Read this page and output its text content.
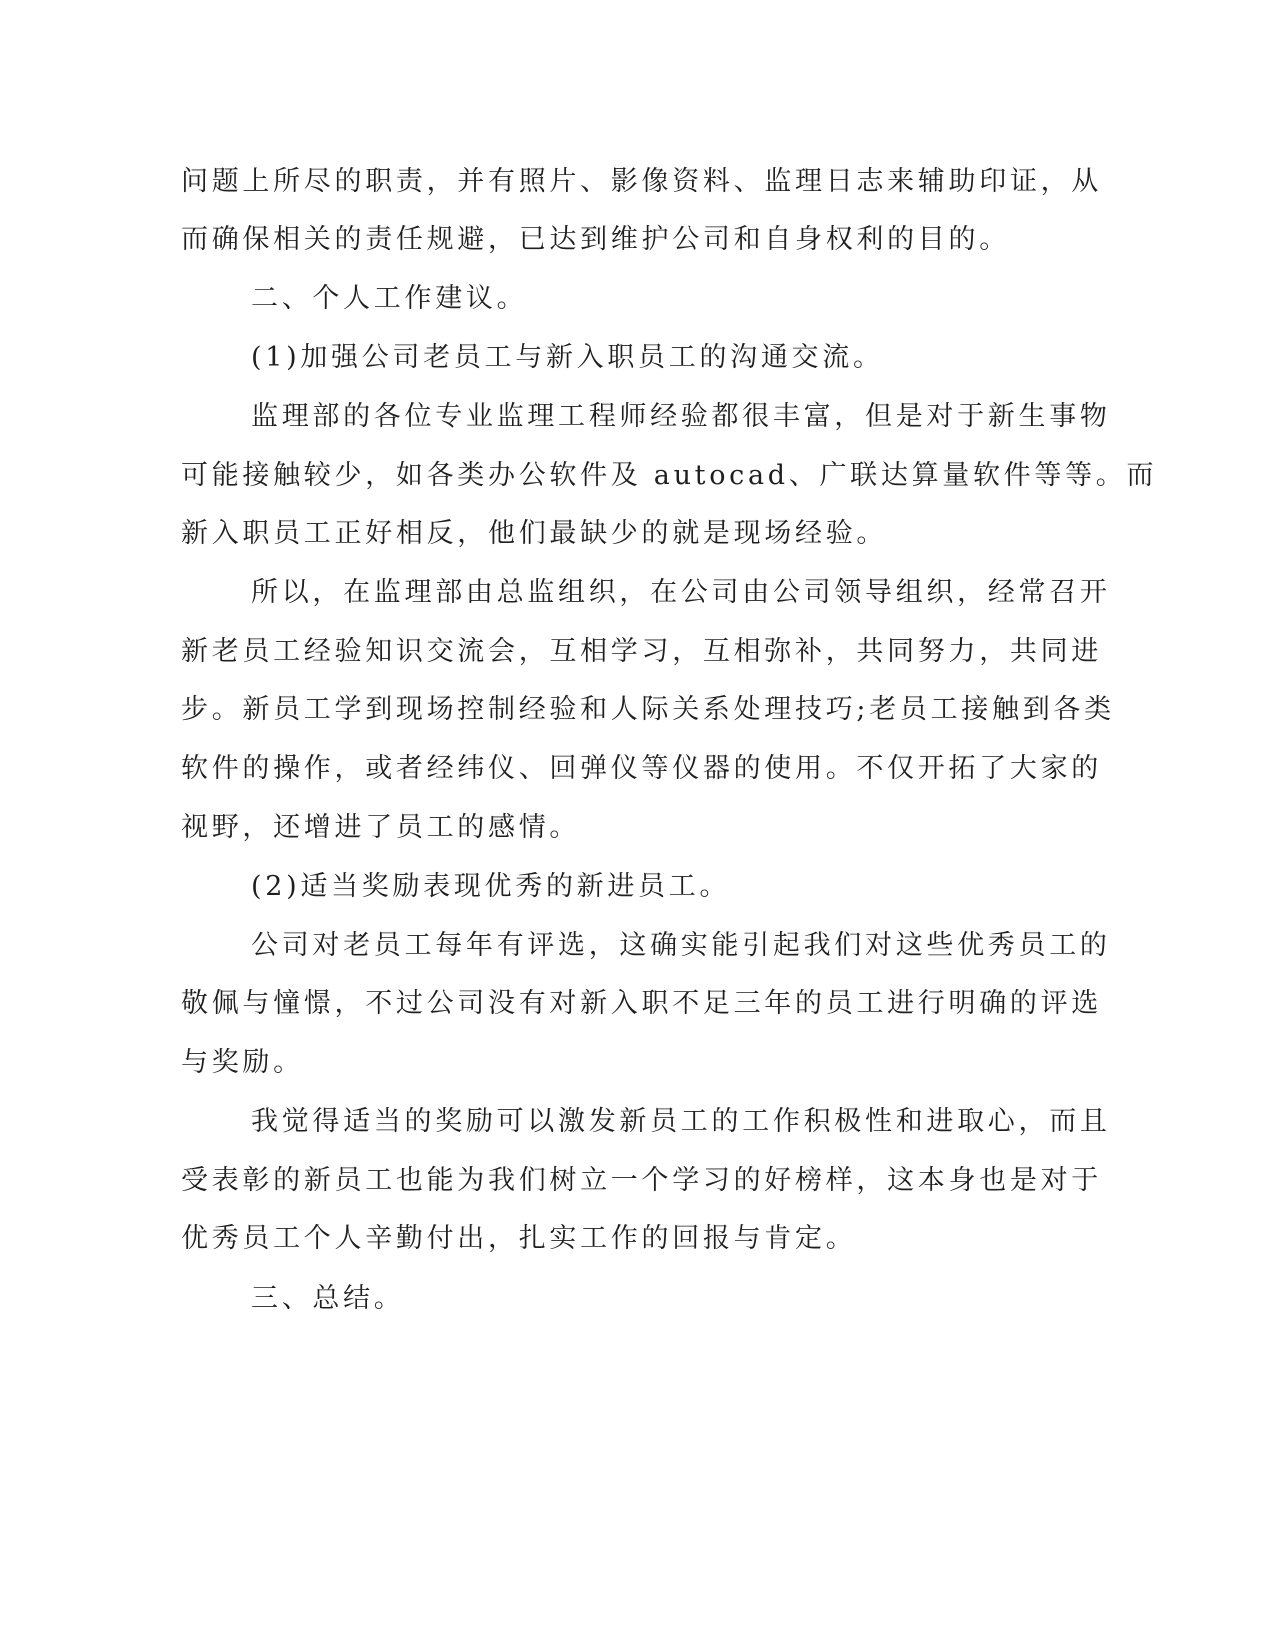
问题上所尽的职责，并有照片、影像资料、监理日志来辅助印证，从
而确保相关的责任规避，已达到维护公司和自身权利的目的。
二、个人工作建议。
(1)加强公司老员工与新入职员工的沟通交流。
监理部的各位专业监理工程师经验都很丰富，但是对于新生事物
可能接触较少，如各类办公软件及 autocad、广联达算量软件等等。而
新入职员工正好相反，他们最缺少的就是现场经验。
所以，在监理部由总监组织，在公司由公司领导组织，经常召开
新老员工经验知识交流会，互相学习，互相弥补，共同努力，共同进
步。新员工学到现场控制经验和人际关系处理技巧;老员工接触到各类
软件的操作，或者经纬仪、回弹仪等仪器的使用。不仅开拓了大家的
视野，还增进了员工的感情。
(2)适当奖励表现优秀的新进员工。
公司对老员工每年有评选，这确实能引起我们对这些优秀员工的
敬佩与憧憬，不过公司没有对新入职不足三年的员工进行明确的评选
与奖励。
我觉得适当的奖励可以激发新员工的工作积极性和进取心，而且
受表彰的新员工也能为我们树立一个学习的好榜样，这本身也是对于
优秀员工个人辛勤付出，扎实工作的回报与肯定。
三、总结。
